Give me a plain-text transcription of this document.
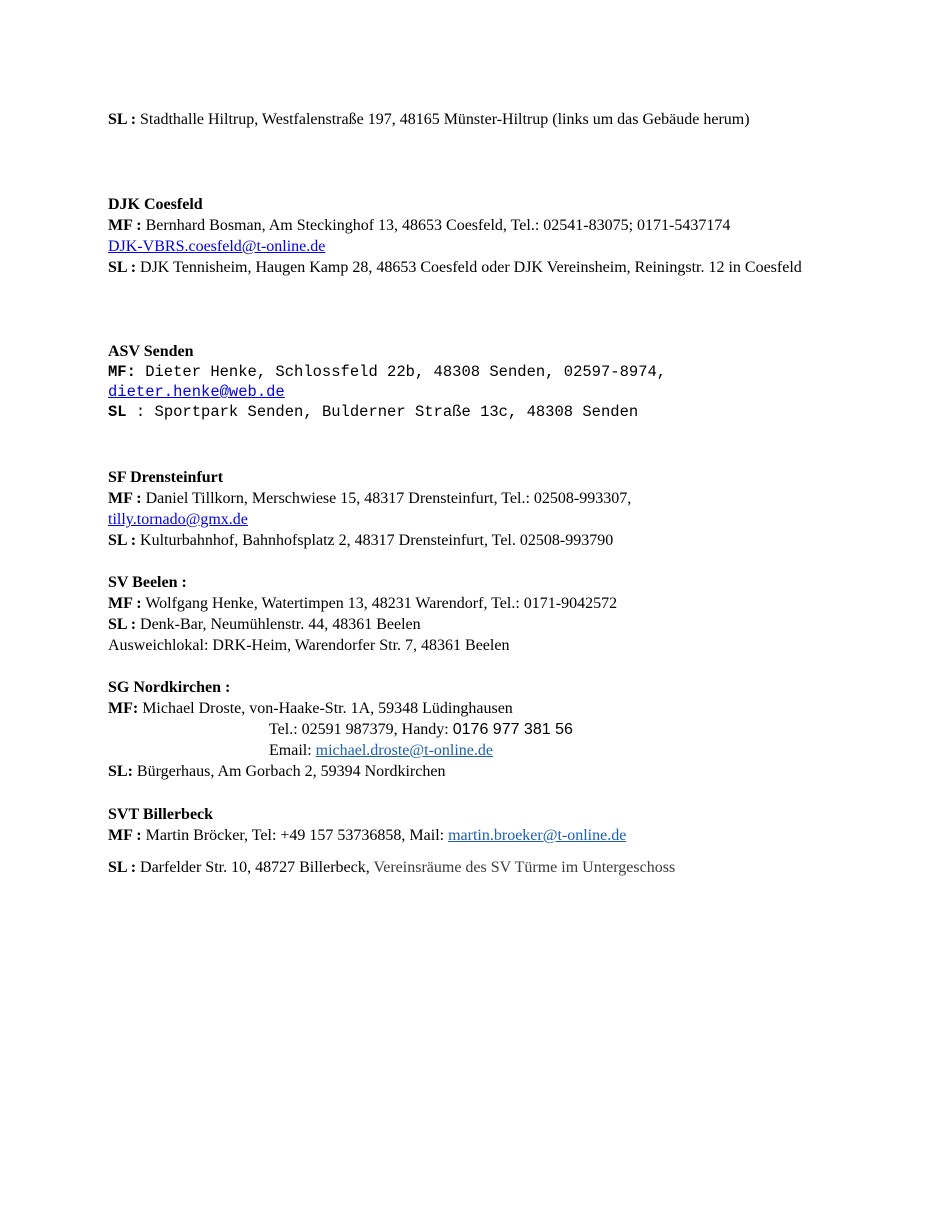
SL : Stadthalle Hiltrup, Westfalenstraße 197, 48165 Münster-Hiltrup (links um das Gebäude herum)
DJK Coesfeld
MF : Bernhard Bosman, Am Steckinghof 13, 48653 Coesfeld, Tel.: 02541-83075; 0171-5437174
DJK-VBRS.coesfeld@t-online.de
SL : DJK Tennisheim, Haugen Kamp 28, 48653 Coesfeld oder DJK Vereinsheim, Reiningstr. 12 in Coesfeld
ASV Senden
MF: Dieter Henke, Schlossfeld 22b, 48308 Senden, 02597-8974,
dieter.henke@web.de
SL : Sportpark Senden, Bulderner Straße 13c, 48308 Senden
SF Drensteinfurt
MF : Daniel Tillkorn, Merschwiese 15, 48317 Drensteinfurt, Tel.: 02508-993307,
tilly.tornado@gmx.de
SL : Kulturbahnhof, Bahnhofsplatz 2, 48317 Drensteinfurt, Tel. 02508-993790
SV Beelen :
MF : Wolfgang Henke, Watertimpen 13, 48231 Warendorf, Tel.: 0171-9042572
SL : Denk-Bar, Neumühlenstr. 44, 48361 Beelen
Ausweichlokal: DRK-Heim, Warendorfer Str. 7, 48361 Beelen
SG Nordkirchen :
MF: Michael Droste, von-Haake-Str. 1A, 59348 Lüdinghausen
Tel.: 02591 987379, Handy: 0176 977 381 56
Email: michael.droste@t-online.de
SL: Bürgerhaus, Am Gorbach 2, 59394 Nordkirchen
SVT Billerbeck
MF : Martin Bröcker, Tel: +49 157 53736858, Mail: martin.broeker@t-online.de
SL : Darfelder Str. 10, 48727 Billerbeck, Vereinsräume des SV Türme im Untergeschoss
